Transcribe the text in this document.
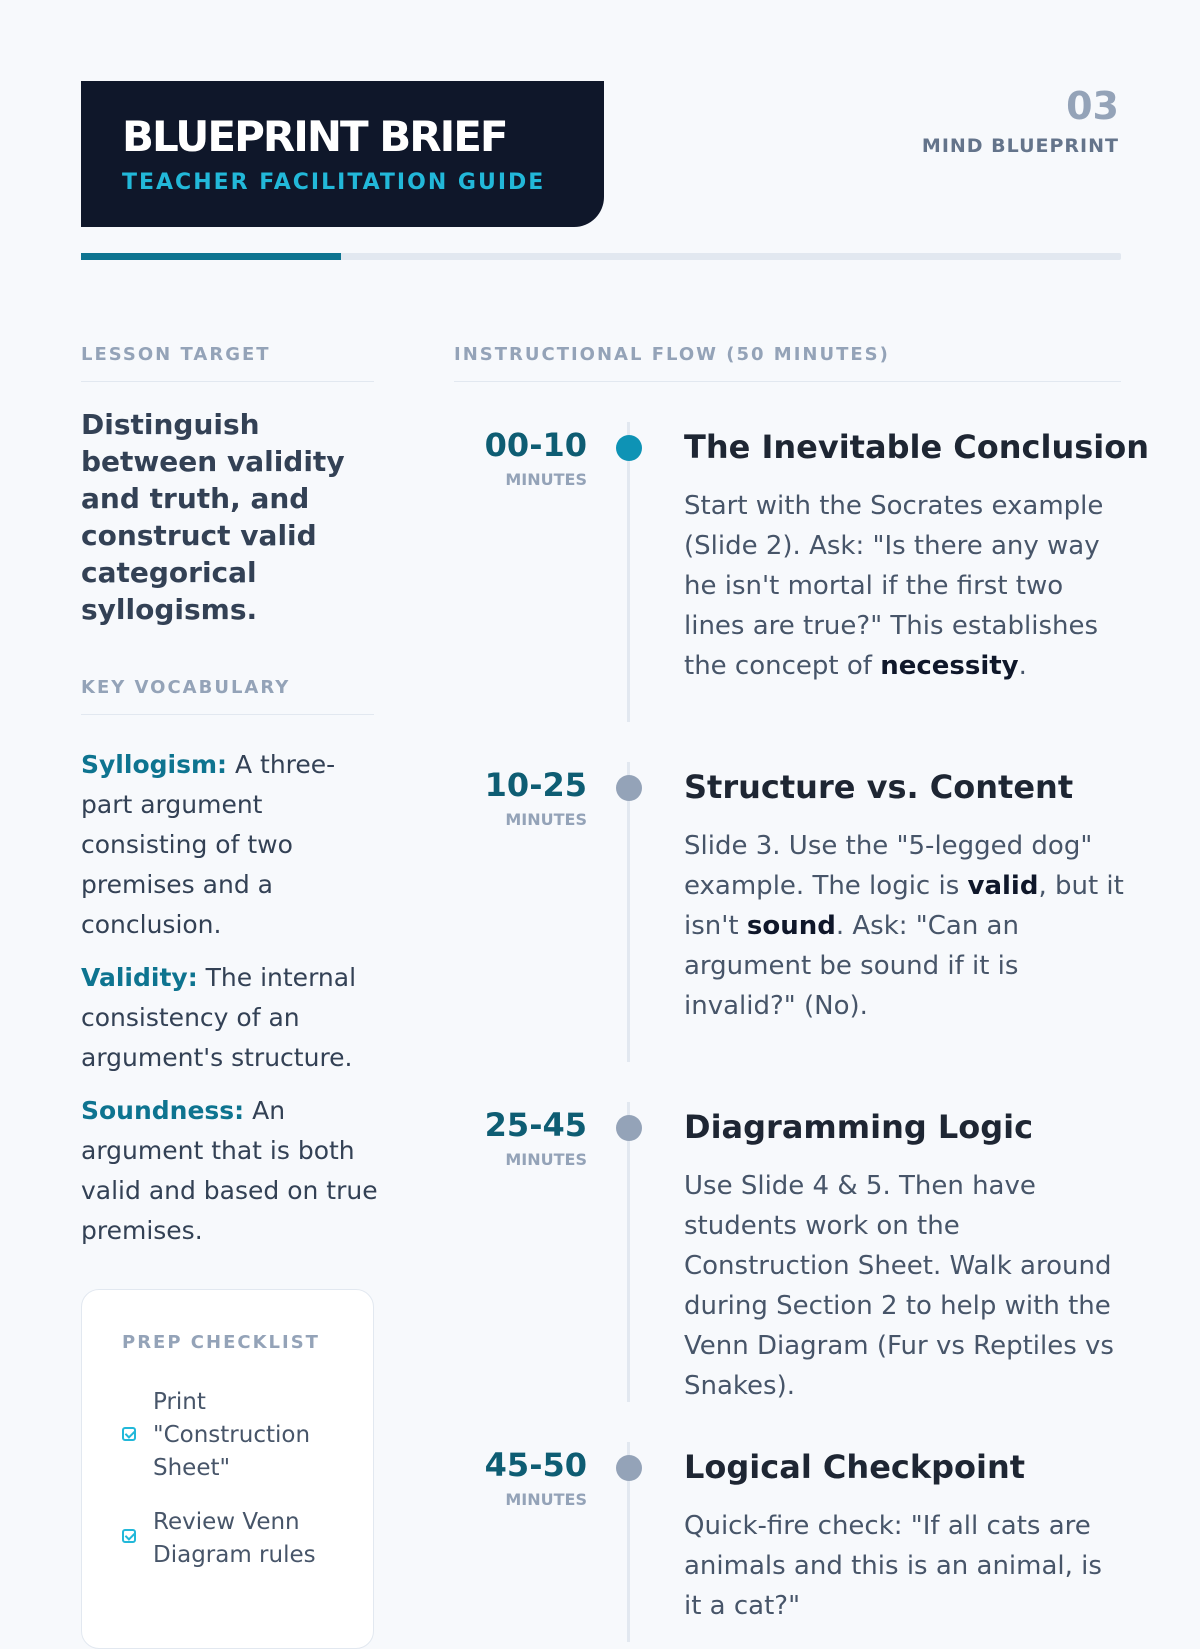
BLUEPRINT BRIEF
TEACHER FACILITATION GUIDE
03
MIND BLUEPRINT
LESSON TARGET
Distinguish between validity and truth, and construct valid categorical syllogisms.
KEY VOCABULARY
Syllogism: A three-part argument consisting of two premises and a conclusion.
Validity: The internal consistency of an argument's structure.
Soundness: An argument that is both valid and based on true premises.
PREP CHECKLIST
Print "Construction Sheet"
Review Venn Diagram rules
INSTRUCTIONAL FLOW (50 MINUTES)
00-10
MINUTES
The Inevitable Conclusion
Start with the Socrates example (Slide 2). Ask: "Is there any way he isn't mortal if the first two lines are true?" This establishes the concept of necessity.
10-25
MINUTES
Structure vs. Content
Slide 3. Use the "5-legged dog" example. The logic is valid, but it isn't sound. Ask: "Can an argument be sound if it is invalid?" (No).
25-45
MINUTES
Diagramming Logic
Use Slide 4 & 5. Then have students work on the Construction Sheet. Walk around during Section 2 to help with the Venn Diagram (Fur vs Reptiles vs Snakes).
45-50
MINUTES
Logical Checkpoint
Quick-fire check: "If all cats are animals and this is an animal, is it a cat?"
